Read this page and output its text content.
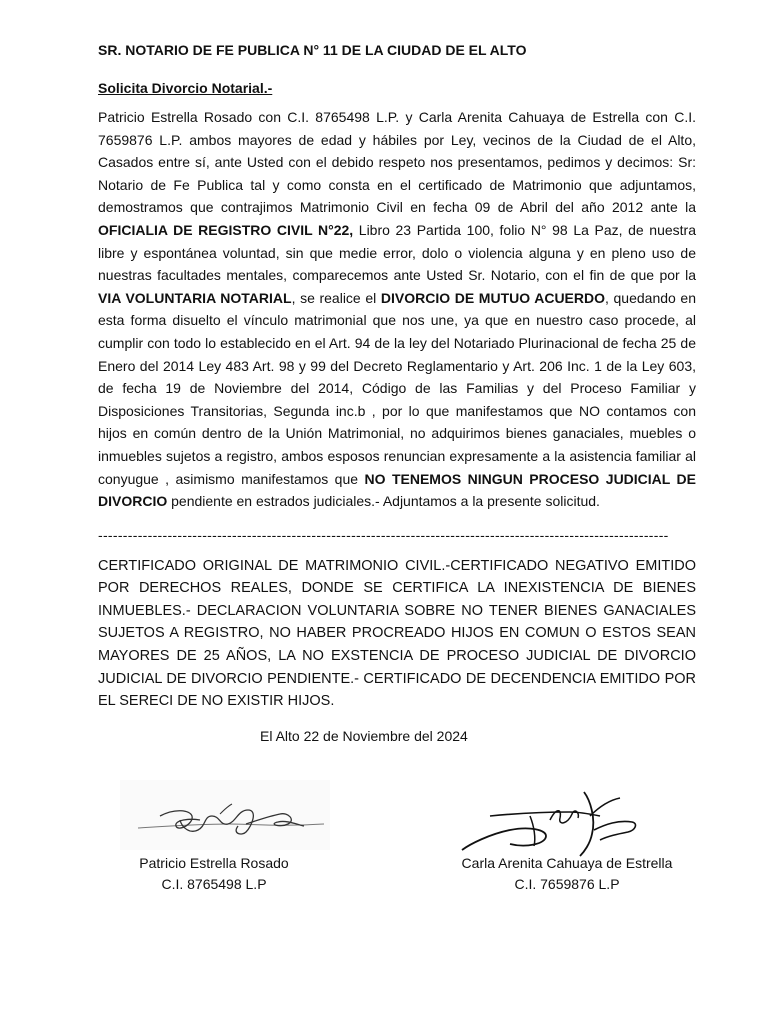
SR. NOTARIO DE FE PUBLICA N° 11 DE LA CIUDAD DE EL ALTO

Solicita Divorcio Notarial.-

Patricio Estrella Rosado con C.I. 8765498 L.P. y Carla Arenita Cahuaya de Estrella con C.I. 7659876 L.P. ambos mayores de edad y hábiles por Ley, vecinos de la Ciudad de el Alto, Casados entre sí, ante Usted con el debido respeto nos presentamos, pedimos y decimos: Sr: Notario de Fe Publica tal y como consta en el certificado de Matrimonio que adjuntamos, demostramos que contrajimos Matrimonio Civil en fecha 09 de Abril del año 2012 ante la OFICIALIA DE REGISTRO CIVIL N°22, Libro 23 Partida 100, folio N° 98 La Paz, de nuestra libre y espontánea voluntad, sin que medie error, dolo o violencia alguna y en pleno uso de nuestras facultades mentales, comparecemos ante Usted Sr. Notario, con el fin de que por la VIA VOLUNTARIA NOTARIAL, se realice el DIVORCIO DE MUTUO ACUERDO, quedando en esta forma disuelto el vínculo matrimonial que nos une, ya que en nuestro caso procede, al cumplir con todo lo establecido en el Art. 94 de la ley del Notariado Plurinacional de fecha 25 de Enero del 2014 Ley 483 Art. 98 y 99 del Decreto Reglamentario y Art. 206 Inc. 1 de la Ley 603, de fecha 19 de Noviembre del 2014, Código de las Familias y del Proceso Familiar y Disposiciones Transitorias, Segunda inc.b , por lo que manifestamos que NO contamos con hijos en común dentro de la Unión Matrimonial, no adquirimos bienes ganaciales, muebles o inmuebles sujetos a registro, ambos esposos renuncian expresamente a la asistencia familiar al conyugue , asimismo manifestamos que NO TENEMOS NINGUN PROCESO JUDICIAL DE DIVORCIO pendiente en estrados judiciales.- Adjuntamos a la presente solicitud.

-------------------------------------------------------------------------------------------------------------------

CERTIFICADO ORIGINAL DE MATRIMONIO CIVIL.-CERTIFICADO NEGATIVO EMITIDO POR DERECHOS REALES, DONDE SE CERTIFICA LA INEXISTENCIA DE BIENES INMUEBLES.- DECLARACION VOLUNTARIA SOBRE NO TENER BIENES GANACIALES SUJETOS A REGISTRO, NO HABER PROCREADO HIJOS EN COMUN O ESTOS SEAN MAYORES DE 25 AÑOS, LA NO EXSTENCIA DE PROCESO JUDICIAL DE DIVORCIO JUDICIAL DE DIVORCIO PENDIENTE.- CERTIFICADO DE DECENDENCIA EMITIDO POR EL SERECI DE NO EXISTIR HIJOS.

El Alto 22 de Noviembre del 2024

Patricio Estrella Rosado
C.I. 8765498 L.P
Carla Arenita Cahuaya de Estrella
C.I. 7659876 L.P
